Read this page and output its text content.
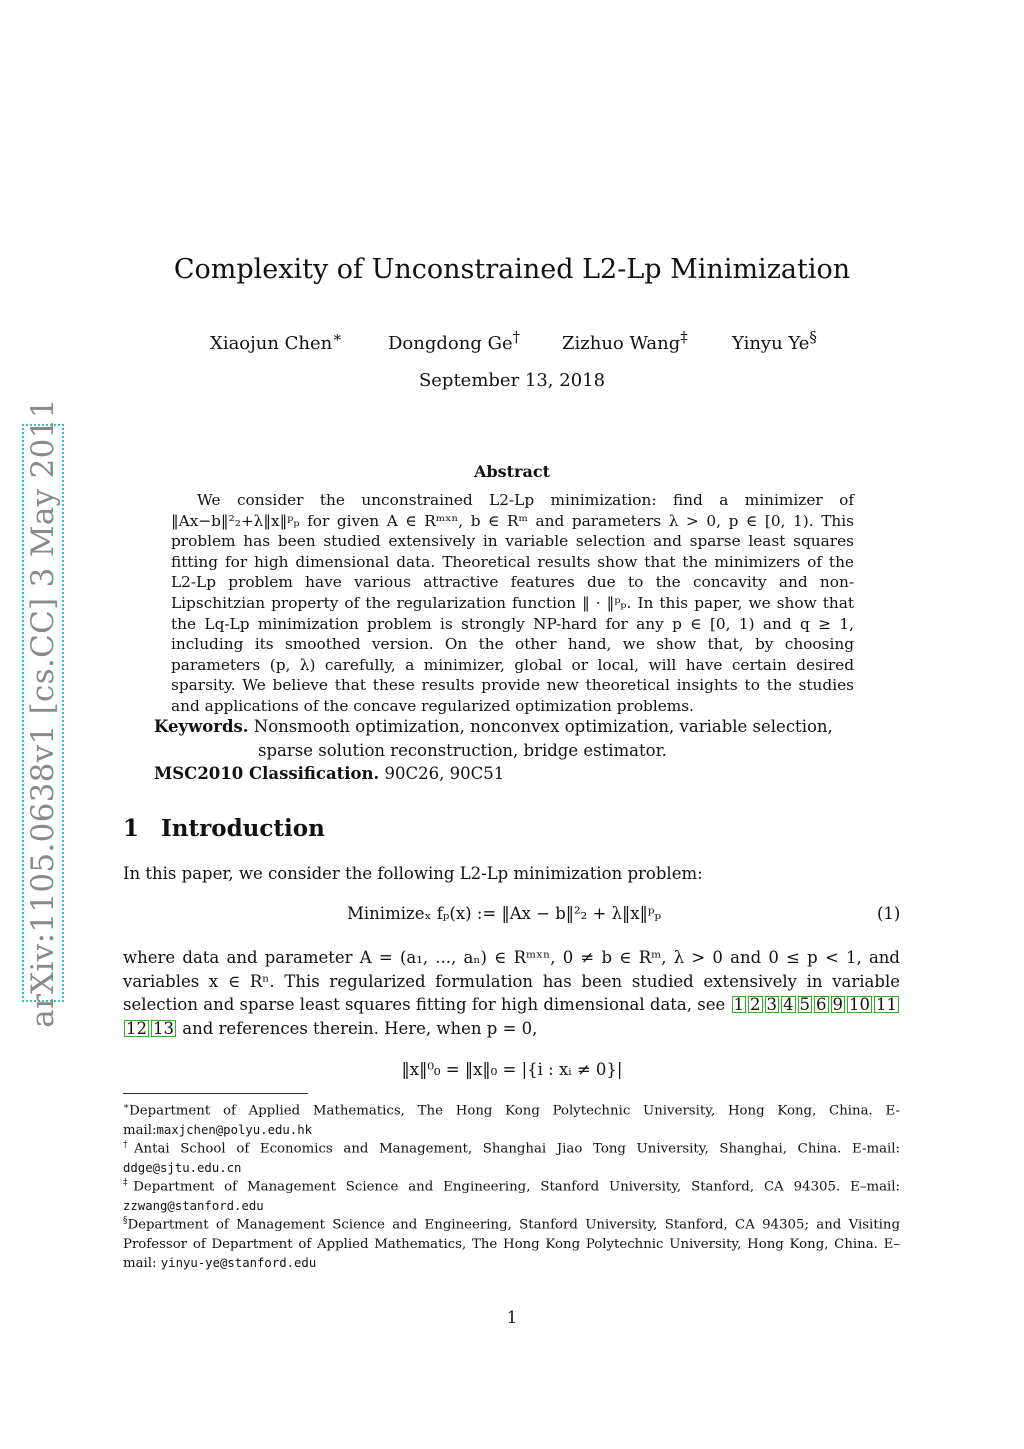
arXiv:1105.0638v1 [cs.CC] 3 May 2011
Complexity of Unconstrained L2-Lp Minimization
Xiaojun Chen∗	Dongdong Ge† Zizhuo Wang‡ Yinyu Ye§
September 13, 2018
Abstract

We consider the unconstrained L2-Lp minimization: find a minimizer of ‖Ax−b‖²₂+λ‖x‖ᵖₚ for given A ∈ Rᵐˣⁿ, b ∈ Rᵐ and parameters λ > 0, p ∈ [0, 1). This problem has been studied extensively in variable selection and sparse least squares fitting for high dimensional data. Theoretical results show that the minimizers of the L2-Lp problem have various attractive features due to the concavity and non-Lipschitzian property of the regularization function ‖ · ‖ᵖₚ. In this paper, we show that the Lq-Lp minimization problem is strongly NP-hard for any p ∈ [0, 1) and q ≥ 1, including its smoothed version. On the other hand, we show that, by choosing parameters (p, λ) carefully, a minimizer, global or local, will have certain desired sparsity. We believe that these results provide new theoretical insights to the studies and applications of the concave regularized optimization problems.

Keywords. Nonsmooth optimization, nonconvex optimization, variable selection,
sparse solution reconstruction, bridge estimator.
MSC2010 Classification. 90C26, 90C51
1 Introduction
In this paper, we consider the following L2-Lp minimization problem:
Minimizeₓ fₚ(x) := ‖Ax − b‖²₂ + λ‖x‖ᵖₚ	(1)
where data and parameter A = (a₁, ..., aₙ) ∈ Rᵐˣⁿ, 0 ≠ b ∈ Rᵐ, λ > 0 and 0 ≤ p < 1, and variables x ∈ Rⁿ. This regularized formulation has been studied extensively in variable selection and sparse least squares fitting for high dimensional data, see 1 2 3 4 5 6 9 10 1112 13 and references therein. Here, when p = 0,
‖x‖⁰₀ = ‖x‖₀ = |{i : xᵢ ≠ 0}|
∗Department of Applied Mathematics, The Hong Kong Polytechnic University, Hong Kong, China. E-mail:maxjchen@polyu.edu.hk
†Antai School of Economics and Management, Shanghai Jiao Tong University, Shanghai, China. E-mail: ddge@sjtu.edu.cn
‡Department of Management Science and Engineering, Stanford University, Stanford, CA 94305. E–mail: zzwang@stanford.edu
§Department of Management Science and Engineering, Stanford University, Stanford, CA 94305; and Visiting Professor of Department of Applied Mathematics, The Hong Kong Polytechnic University, Hong Kong, China. E–mail: yinyu-ye@stanford.edu
1
